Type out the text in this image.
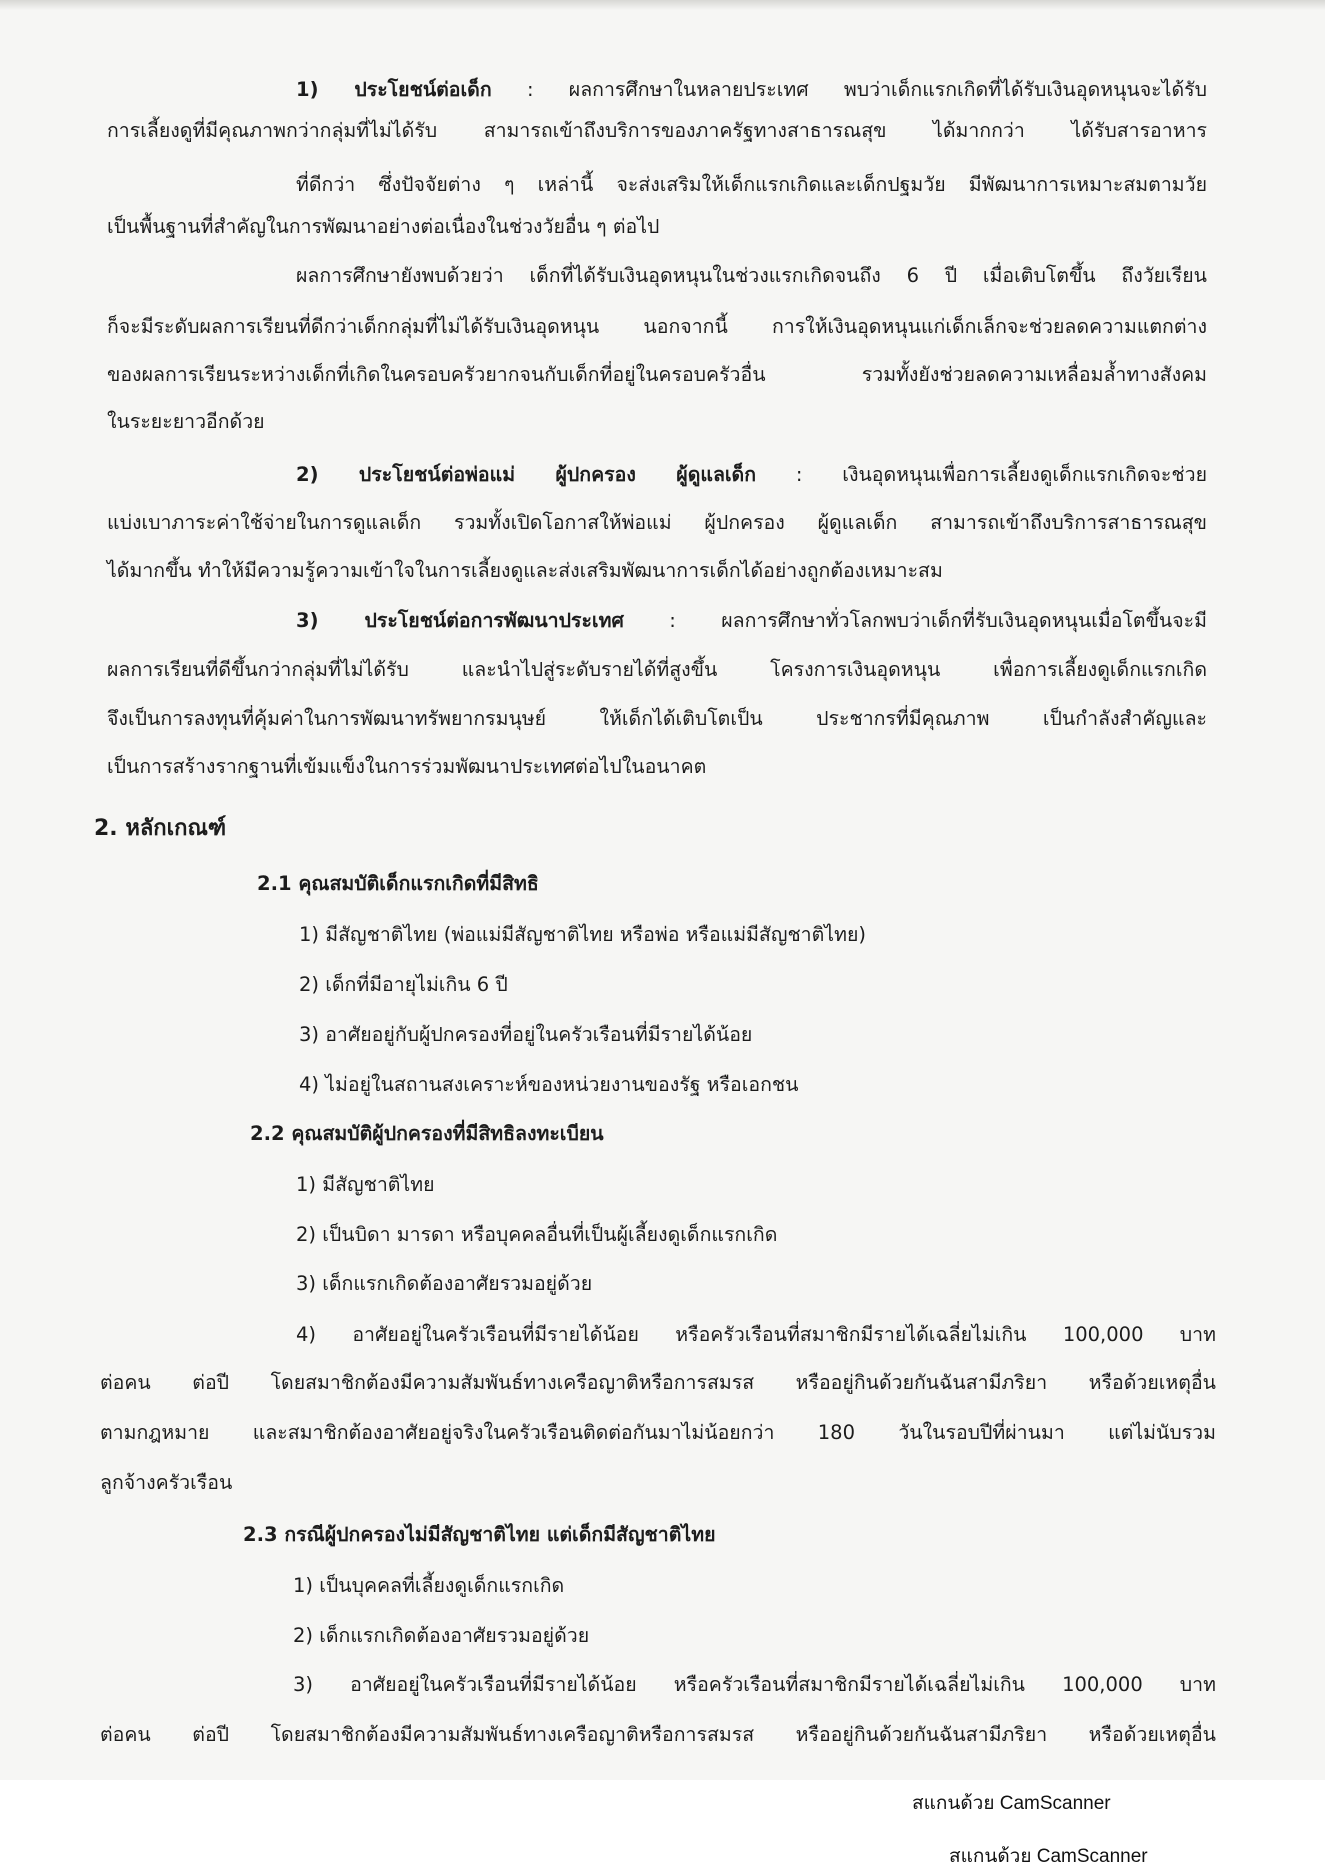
1) ประโยชน์ต่อเด็ก : ผลการศึกษาในหลายประเทศ พบว่าเด็กแรกเกิดที่ได้รับเงินอุดหนุนจะได้รับ
การเลี้ยงดูที่มีคุณภาพกว่ากลุ่มที่ไม่ได้รับ สามารถเข้าถึงบริการของภาครัฐทางสาธารณสุข ได้มากกว่า ได้รับสารอาหาร
ที่ดีกว่า ซึ่งปัจจัยต่าง ๆ เหล่านี้ จะส่งเสริมให้เด็กแรกเกิดและเด็กปฐมวัย มีพัฒนาการเหมาะสมตามวัย
เป็นพื้นฐานที่สำคัญในการพัฒนาอย่างต่อเนื่องในช่วงวัยอื่น ๆ ต่อไป
ผลการศึกษายังพบด้วยว่า เด็กที่ได้รับเงินอุดหนุนในช่วงแรกเกิดจนถึง 6 ปี เมื่อเติบโตขึ้น ถึงวัยเรียน
ก็จะมีระดับผลการเรียนที่ดีกว่าเด็กกลุ่มที่ไม่ได้รับเงินอุดหนุน นอกจากนี้ การให้เงินอุดหนุนแก่เด็กเล็กจะช่วยลดความแตกต่าง
ของผลการเรียนระหว่างเด็กที่เกิดในครอบครัวยากจนกับเด็กที่อยู่ในครอบครัวอื่น รวมทั้งยังช่วยลดความเหลื่อมล้ำทางสังคม
ในระยะยาวอีกด้วย
2) ประโยชน์ต่อพ่อแม่ ผู้ปกครอง ผู้ดูแลเด็ก : เงินอุดหนุนเพื่อการเลี้ยงดูเด็กแรกเกิดจะช่วย
แบ่งเบาภาระค่าใช้จ่ายในการดูแลเด็ก รวมทั้งเปิดโอกาสให้พ่อแม่ ผู้ปกครอง ผู้ดูแลเด็ก สามารถเข้าถึงบริการสาธารณสุข
ได้มากขึ้น ทำให้มีความรู้ความเข้าใจในการเลี้ยงดูและส่งเสริมพัฒนาการเด็กได้อย่างถูกต้องเหมาะสม
3) ประโยชน์ต่อการพัฒนาประเทศ : ผลการศึกษาทั่วโลกพบว่าเด็กที่รับเงินอุดหนุนเมื่อโตขึ้นจะมี
ผลการเรียนที่ดีขึ้นกว่ากลุ่มที่ไม่ได้รับ และนำไปสู่ระดับรายได้ที่สูงขึ้น โครงการเงินอุดหนุน เพื่อการเลี้ยงดูเด็กแรกเกิด
จึงเป็นการลงทุนที่คุ้มค่าในการพัฒนาทรัพยากรมนุษย์ ให้เด็กได้เติบโตเป็น ประชากรที่มีคุณภาพ เป็นกำลังสำคัญและ
เป็นการสร้างรากฐานที่เข้มแข็งในการร่วมพัฒนาประเทศต่อไปในอนาคต
2. หลักเกณฑ์
2.1 คุณสมบัติเด็กแรกเกิดที่มีสิทธิ
1) มีสัญชาติไทย (พ่อแม่มีสัญชาติไทย หรือพ่อ หรือแม่มีสัญชาติไทย)
2) เด็กที่มีอายุไม่เกิน 6 ปี
3) อาศัยอยู่กับผู้ปกครองที่อยู่ในครัวเรือนที่มีรายได้น้อย
4) ไม่อยู่ในสถานสงเคราะห์ของหน่วยงานของรัฐ หรือเอกชน
2.2 คุณสมบัติผู้ปกครองที่มีสิทธิลงทะเบียน
1) มีสัญชาติไทย
2) เป็นบิดา มารดา หรือบุคคลอื่นที่เป็นผู้เลี้ยงดูเด็กแรกเกิด
3) เด็กแรกเกิดต้องอาศัยรวมอยู่ด้วย
4) อาศัยอยู่ในครัวเรือนที่มีรายได้น้อย หรือครัวเรือนที่สมาชิกมีรายได้เฉลี่ยไม่เกิน 100,000 บาท
ต่อคน ต่อปี โดยสมาชิกต้องมีความสัมพันธ์ทางเครือญาติหรือการสมรส หรืออยู่กินด้วยกันฉันสามีภริยา หรือด้วยเหตุอื่น
ตามกฎหมาย และสมาชิกต้องอาศัยอยู่จริงในครัวเรือนติดต่อกันมาไม่น้อยกว่า 180 วันในรอบปีที่ผ่านมา แต่ไม่นับรวม
ลูกจ้างครัวเรือน
2.3 กรณีผู้ปกครองไม่มีสัญชาติไทย แต่เด็กมีสัญชาติไทย
1) เป็นบุคคลที่เลี้ยงดูเด็กแรกเกิด
2) เด็กแรกเกิดต้องอาศัยรวมอยู่ด้วย
3) อาศัยอยู่ในครัวเรือนที่มีรายได้น้อย หรือครัวเรือนที่สมาชิกมีรายได้เฉลี่ยไม่เกิน 100,000 บาท
ต่อคน ต่อปี โดยสมาชิกต้องมีความสัมพันธ์ทางเครือญาติหรือการสมรส หรืออยู่กินด้วยกันฉันสามีภริยา หรือด้วยเหตุอื่น
สแกนด้วย CamScanner
สแกนด้วย CamScanner
